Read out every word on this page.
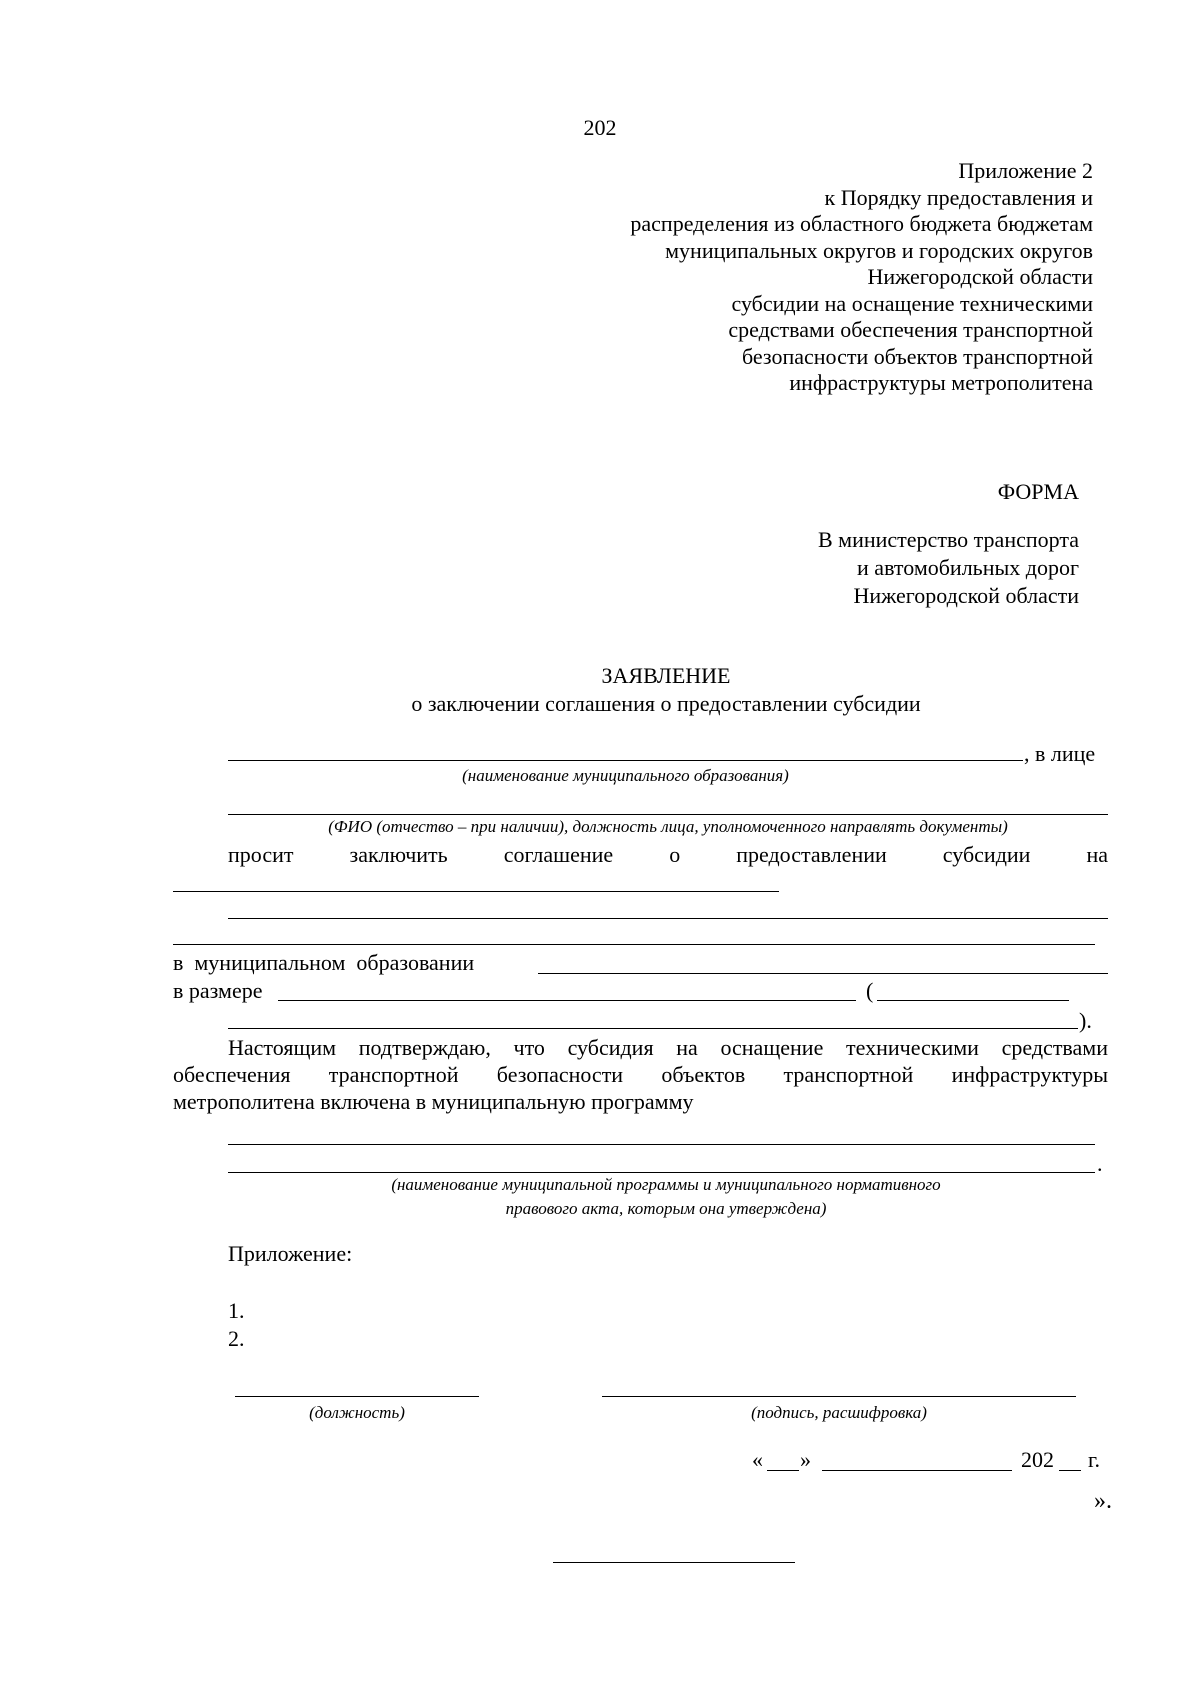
202
Приложение 2
к Порядку предоставления и
распределения из областного бюджета бюджетам
муниципальных округов и городских округов
Нижегородской области
субсидии на оснащение техническими
средствами обеспечения транспортной
безопасности объектов транспортной
инфраструктуры метрополитена
ФОРМА
В министерство транспорта
и автомобильных дорог
Нижегородской области
ЗАЯВЛЕНИЕ
о заключении соглашения о предоставлении субсидии
, в лице
(наименование муниципального образования)
(ФИО (отчество – при наличии), должность лица, уполномоченного направлять документы)
просит	заключить	соглашение	о	предоставлении	субсидии	на
в  муниципальном  образовании
в размере	(
).
Настоящим подтверждаю, что субсидия на оснащение техническими средствами
обеспечения транспортной безопасности объектов транспортной инфраструктуры
метрополитена включена в муниципальную программу
.
(наименование муниципальной программы и муниципального нормативного
правового акта, которым она утверждена)
Приложение:
1.
2.
(должность)	(подпись, расшифровка)
« »	202 г.
».
